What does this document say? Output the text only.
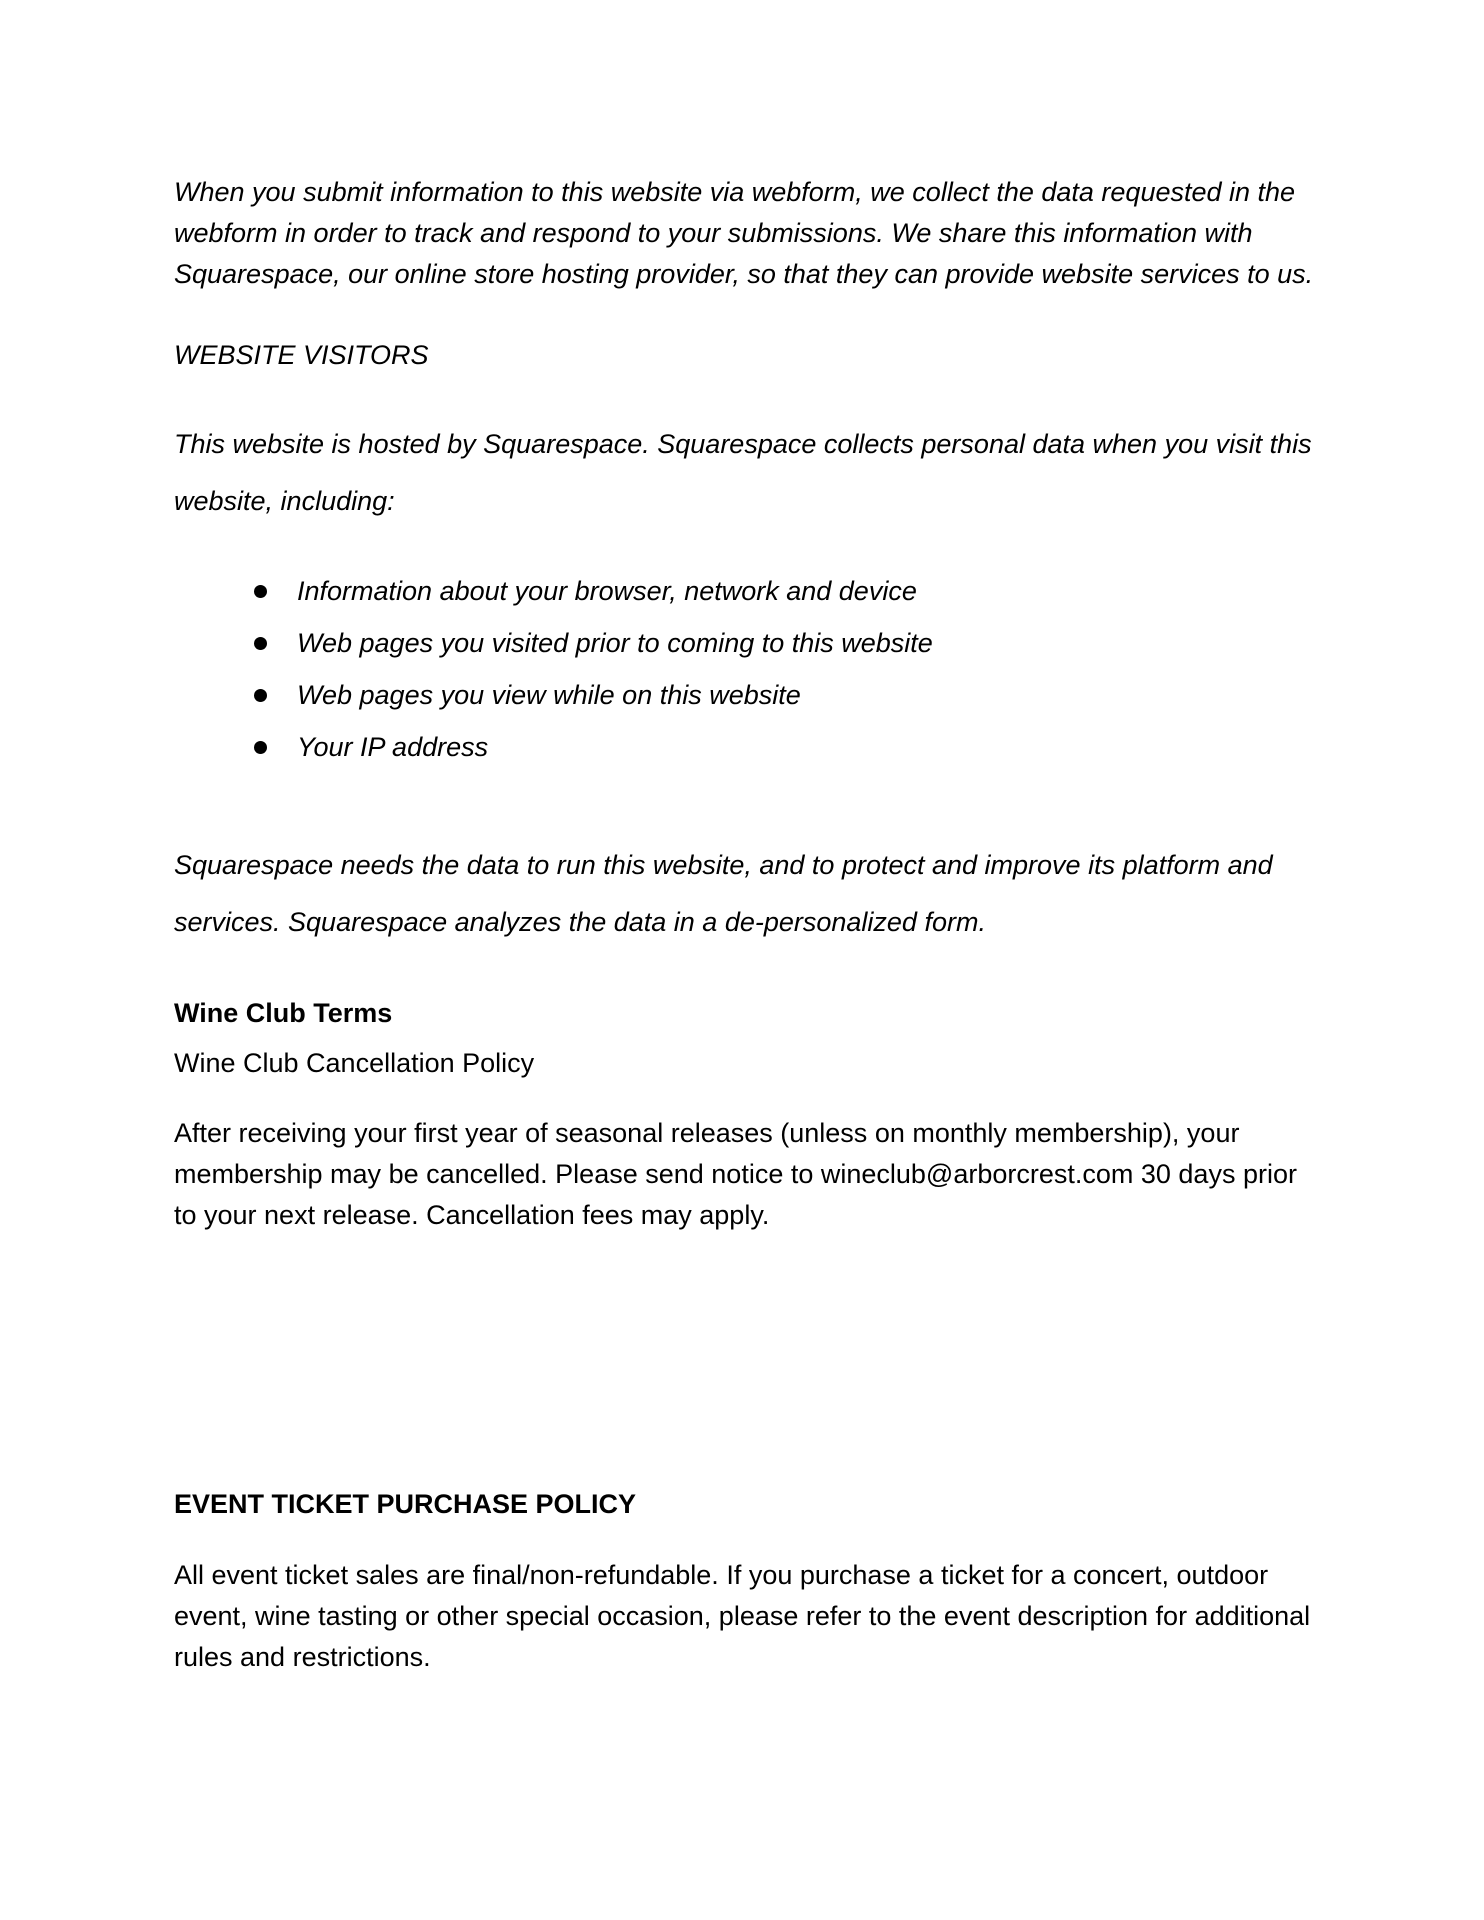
When you submit information to this website via webform, we collect the data requested in the webform in order to track and respond to your submissions. We share this information with Squarespace, our online store hosting provider, so that they can provide website services to us.

WEBSITE VISITORS

This website is hosted by Squarespace. Squarespace collects personal data when you visit this website, including:

Information about your browser, network and device
Web pages you visited prior to coming to this website
Web pages you view while on this website
Your IP address

Squarespace needs the data to run this website, and to protect and improve its platform and services. Squarespace analyzes the data in a de-personalized form.

Wine Club Terms

Wine Club Cancellation Policy

After receiving your first year of seasonal releases (unless on monthly membership), your membership may be cancelled. Please send notice to wineclub@arborcrest.com 30 days prior to your next release. Cancellation fees may apply.

EVENT TICKET PURCHASE POLICY

All event ticket sales are final/non-refundable. If you purchase a ticket for a concert, outdoor event, wine tasting or other special occasion, please refer to the event description for additional rules and restrictions.
